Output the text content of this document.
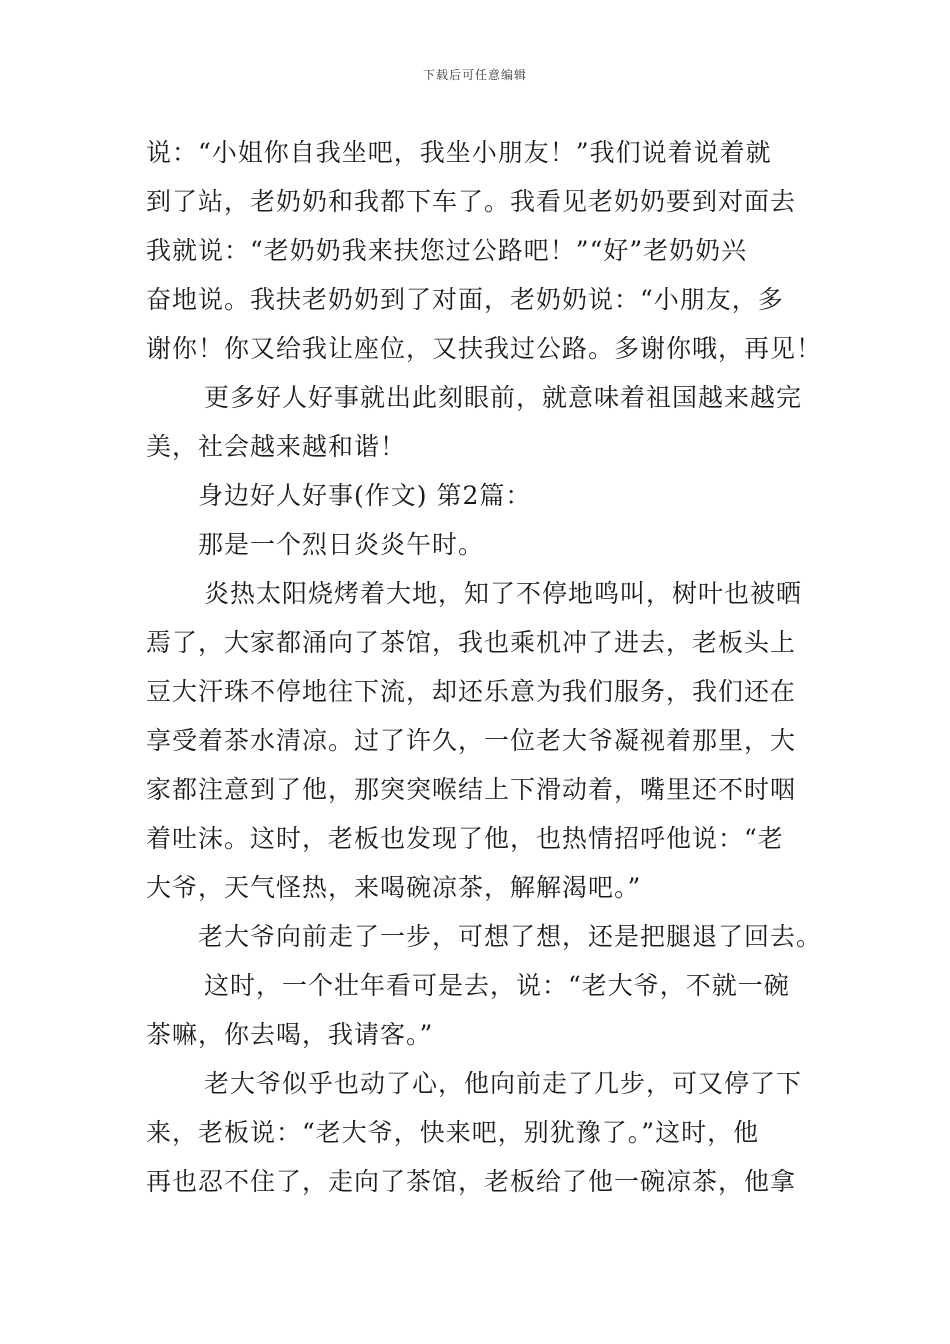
下载后可任意编辑
说：“小姐你自我坐吧，我坐小朋友！”我们说着说着就
到了站，老奶奶和我都下车了。我看见老奶奶要到对面去
我就说：“老奶奶我来扶您过公路吧！”“好”老奶奶兴
奋地说。我扶老奶奶到了对面，老奶奶说：“小朋友，多
谢你！你又给我让座位，又扶我过公路。多谢你哦，再见！
更多好人好事就出此刻眼前，就意味着祖国越来越完
美，社会越来越和谐！
身边好人好事(作文) 第2篇：
那是一个烈日炎炎午时。
炎热太阳烧烤着大地，知了不停地鸣叫，树叶也被晒
焉了，大家都涌向了茶馆，我也乘机冲了进去，老板头上
豆大汗珠不停地往下流，却还乐意为我们服务，我们还在
享受着茶水清凉。过了许久，一位老大爷凝视着那里，大
家都注意到了他，那突突喉结上下滑动着，嘴里还不时咽
着吐沫。这时，老板也发现了他，也热情招呼他说：“老
大爷，天气怪热，来喝碗凉茶，解解渴吧。”
老大爷向前走了一步，可想了想，还是把腿退了回去。
这时，一个壮年看可是去，说：“老大爷，不就一碗
茶嘛，你去喝，我请客。”
老大爷似乎也动了心，他向前走了几步，可又停了下
来，老板说：“老大爷，快来吧，别犹豫了。”这时，他
再也忍不住了，走向了茶馆，老板给了他一碗凉茶，他拿
